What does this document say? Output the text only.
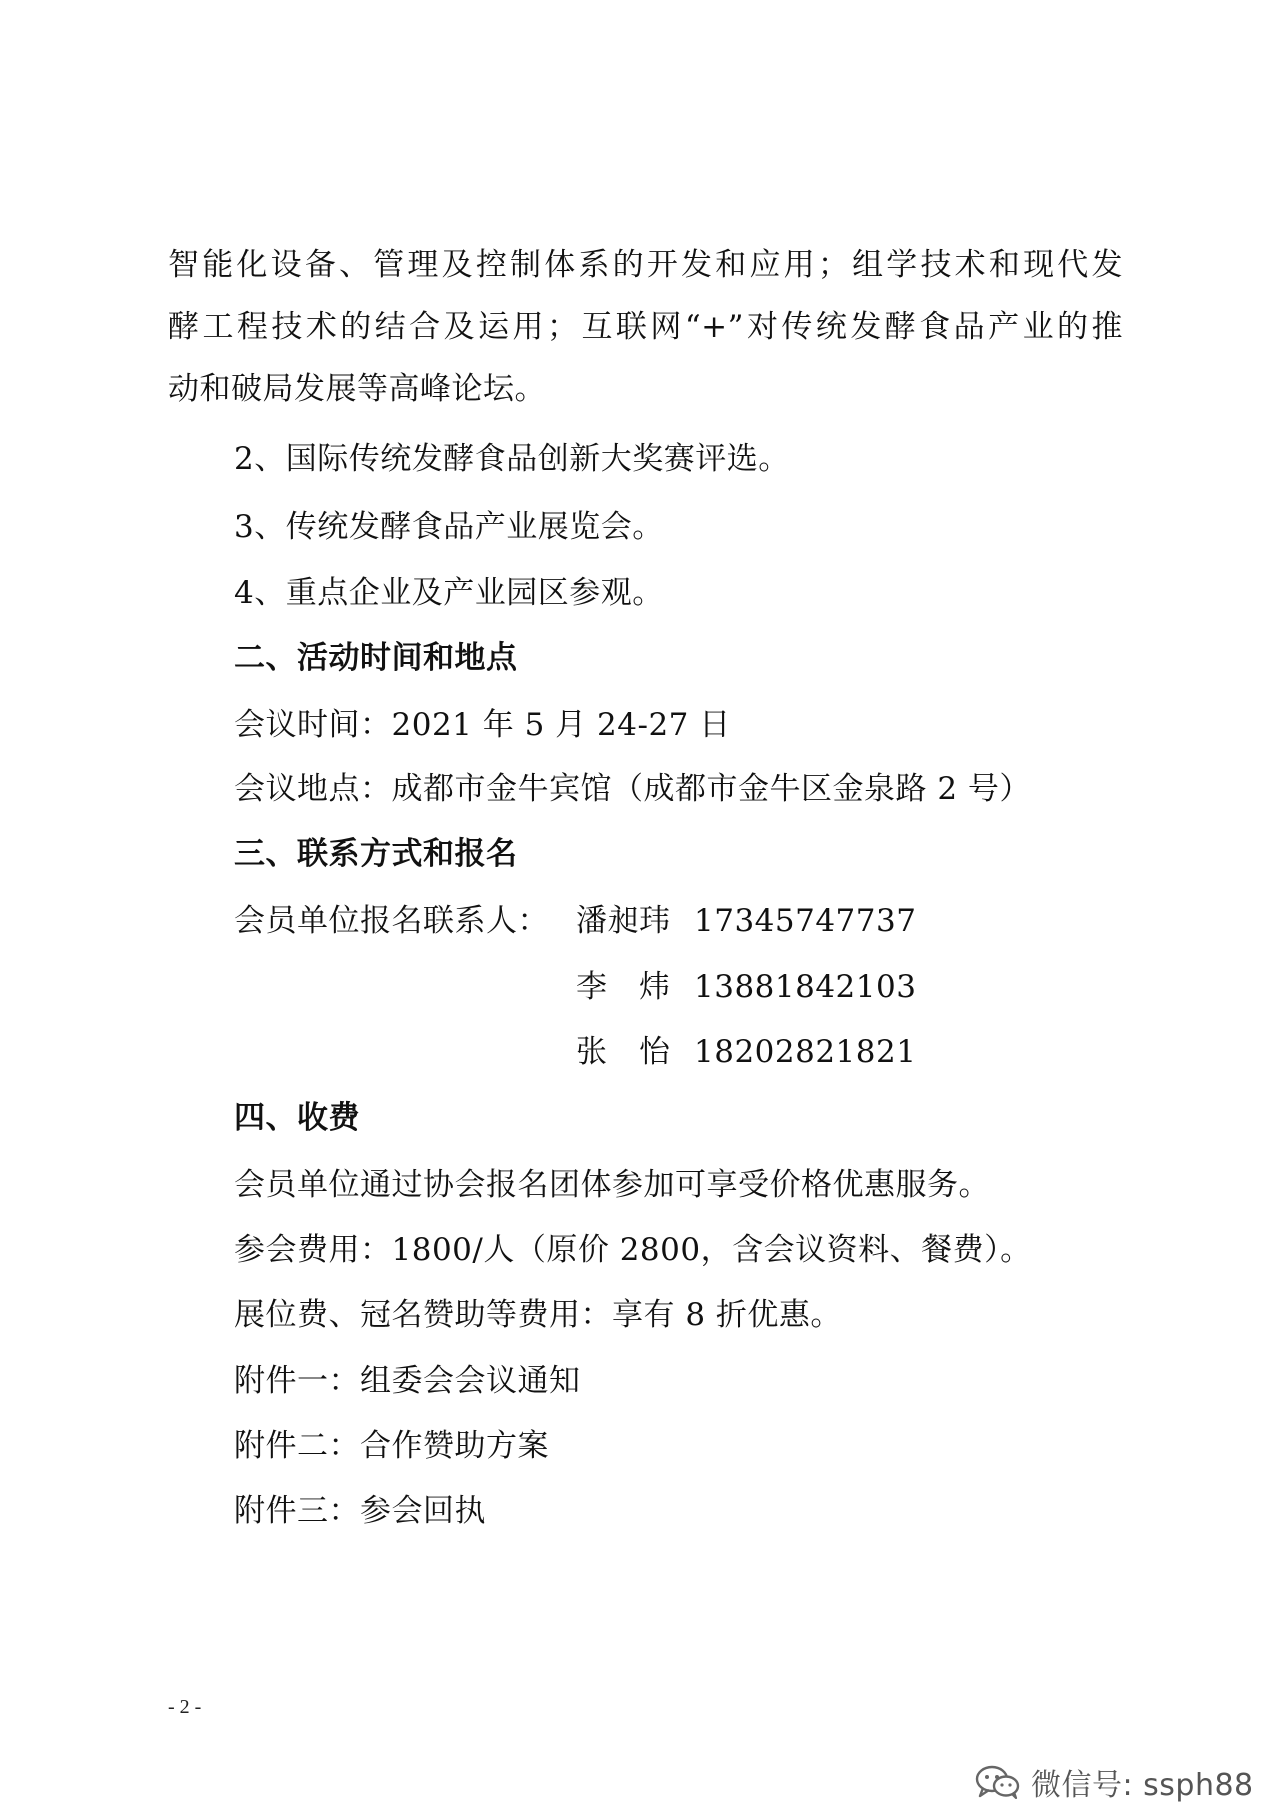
智能化设备、管理及控制体系的开发和应用；组学技术和现代发
酵工程技术的结合及运用；互联网“+”对传统发酵食品产业的推
动和破局发展等高峰论坛。
2、国际传统发酵食品创新大奖赛评选。
3、传统发酵食品产业展览会。
4、重点企业及产业园区参观。
二、活动时间和地点
会议时间：2021 年 5 月 24-27 日
会议地点：成都市金牛宾馆（成都市金牛区金泉路 2 号）
三、联系方式和报名
会员单位报名联系人： 潘昶玮 17345747737
李　炜 13881842103
张　怡 18202821821
四、收费
会员单位通过协会报名团体参加可享受价格优惠服务。
参会费用：1800/人（原价 2800，含会议资料、餐费）。
展位费、冠名赞助等费用：享有 8 折优惠。
附件一：组委会会议通知
附件二：合作赞助方案
附件三：参会回执
- 2 -
微信号: ssph88
